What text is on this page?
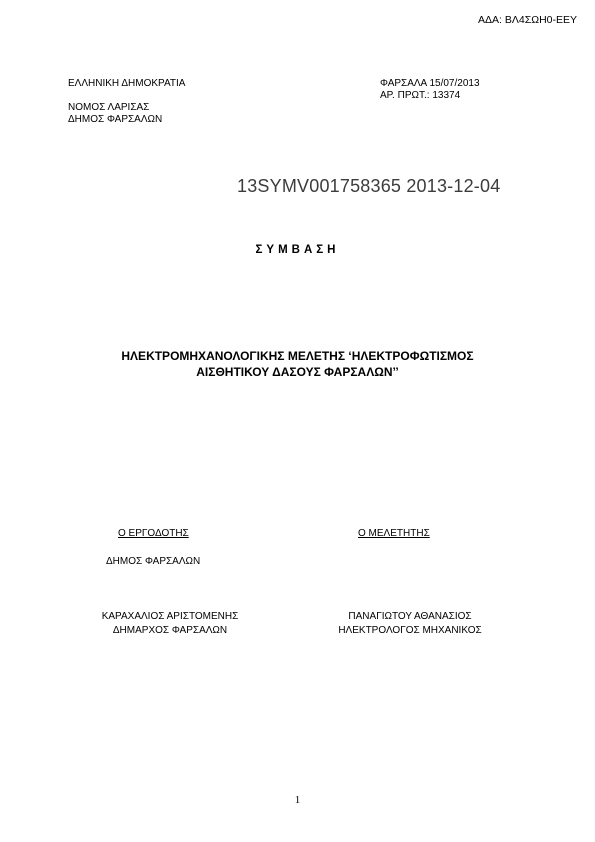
ΑΔΑ: ΒΛ4ΣΩΗ0-ΕΕΥ
ΕΛΛΗΝΙΚΗ ΔΗΜΟΚΡΑΤΙΑ
ΝΟΜΟΣ ΛΑΡΙΣΑΣ
ΔΗΜΟΣ ΦΑΡΣΑΛΩΝ
ΦΑΡΣΑΛΑ 15/07/2013
ΑΡ. ΠΡΩΤ.: 13374
13SYMV001758365 2013-12-04
ΣΥΜΒΑΣΗ
ΗΛΕΚΤΡΟΜΗΧΑΝΟΛΟΓΙΚΗΣ ΜΕΛΕΤΗΣ ‘ΗΛΕΚΤΡΟΦΩΤΙΣΜΟΣ
ΑΙΣΘΗΤΙΚΟΥ ΔΑΣΟΥΣ ΦΑΡΣΑΛΩΝ’’
Ο ΕΡΓΟΔΟΤΗΣ	Ο ΜΕΛΕΤΗΤΗΣ
ΔΗΜΟΣ ΦΑΡΣΑΛΩΝ
ΚΑΡΑΧΑΛΙΟΣ ΑΡΙΣΤΟΜΕΝΗΣ
ΔΗΜΑΡΧΟΣ ΦΑΡΣΑΛΩΝ
ΠΑΝΑΓΙΩΤΟΥ ΑΘΑΝΑΣΙΟΣ
ΗΛΕΚΤΡΟΛΟΓΟΣ ΜΗΧΑΝΙΚΟΣ
1
